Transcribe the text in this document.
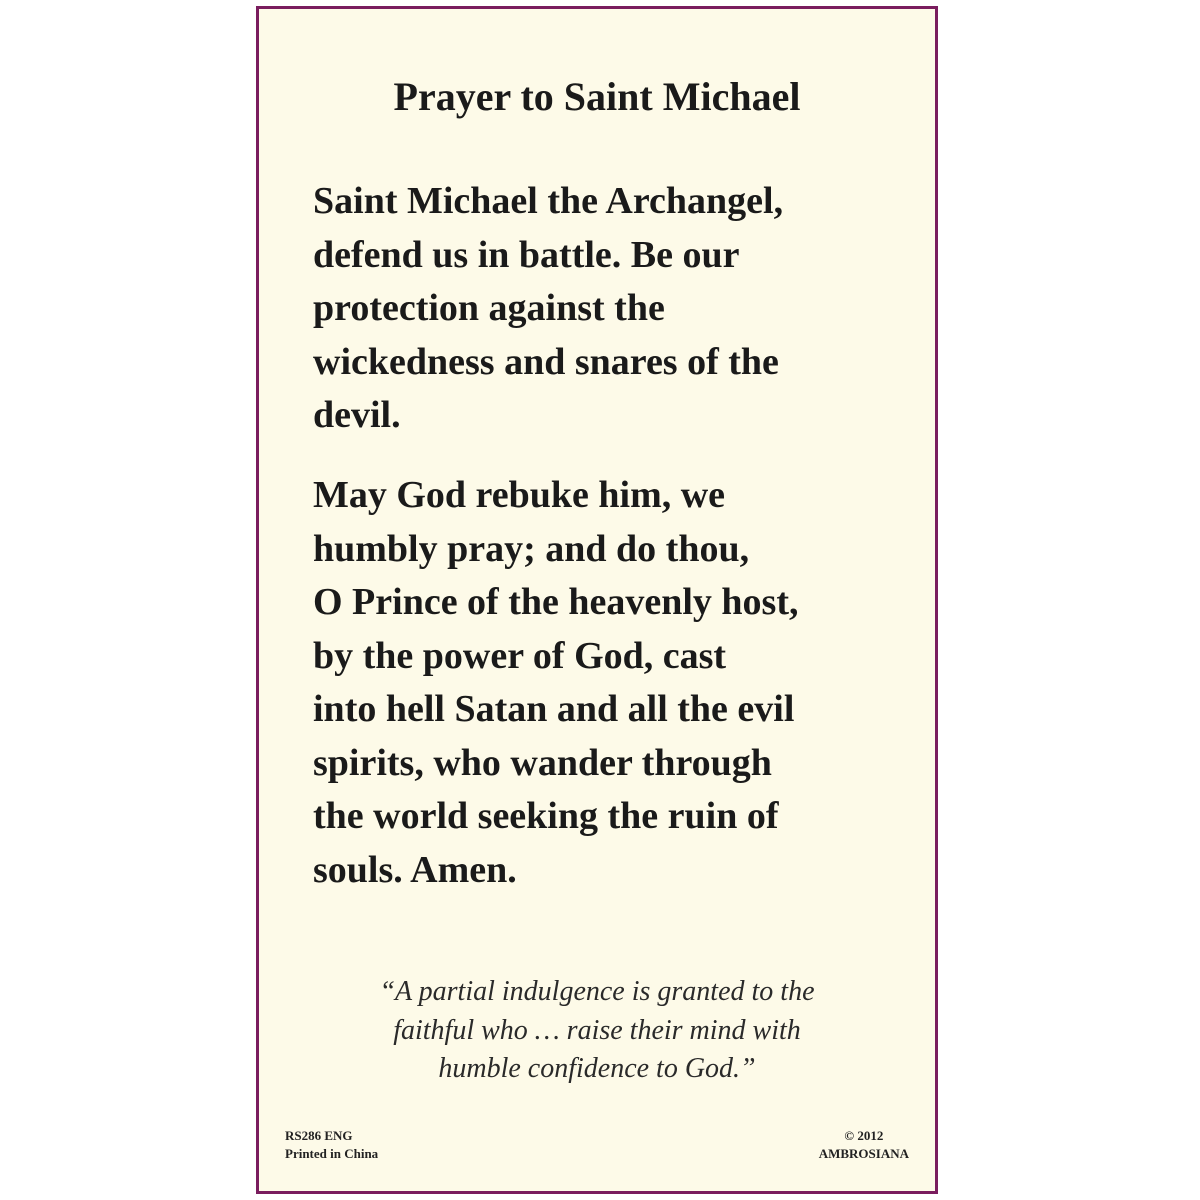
Prayer to Saint Michael

Saint Michael the Archangel,
defend us in battle. Be our
protection against the
wickedness and snares of the
devil.

May God rebuke him, we
humbly pray; and do thou,
O Prince of the heavenly host,
by the power of God, cast
into hell Satan and all the evil
spirits, who wander through
the world seeking the ruin of
souls. Amen.

“A partial indulgence is granted to the
faithful who … raise their mind with
humble confidence to God.”
RS286 ENG
Printed in China
© 2012
AMBROSIANA
